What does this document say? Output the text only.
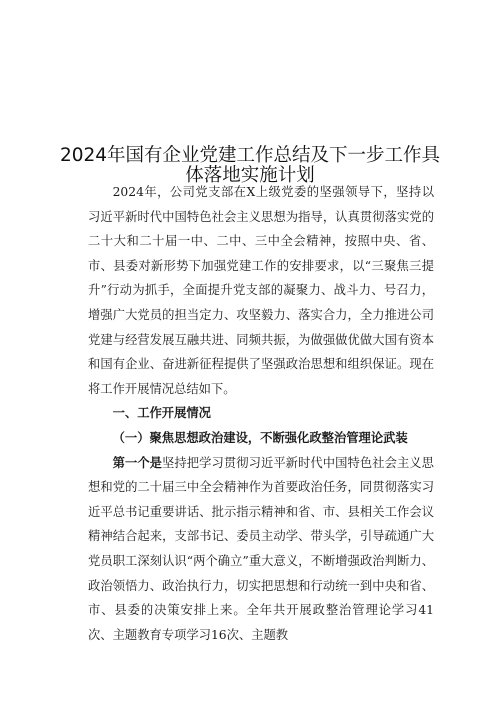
2024年国有企业党建工作总结及下一步工作具
体落地实施计划

2024年，公司党支部在X上级党委的坚强领导下，坚持以习近平新时代中国特色社会主义思想为指导，认真贯彻落实党的二十大和二十届一中、二中、三中全会精神，按照中央、省、市、县委对新形势下加强党建工作的安排要求，以“三聚焦三提升”行动为抓手，全面提升党支部的凝聚力、战斗力、号召力，增强广大党员的担当定力、攻坚毅力、落实合力，全力推进公司党建与经营发展互融共进、同频共振，为做强做优做大国有资本和国有企业、奋进新征程提供了坚强政治思想和组织保证。现在将工作开展情况总结如下。

一、工作开展情况

（一）聚焦思想政治建设，不断强化政整治管理论武装

第一个是坚持把学习贯彻习近平新时代中国特色社会主义思想和党的二十届三中全会精神作为首要政治任务，同贯彻落实习近平总书记重要讲话、批示指示精神和省、市、县相关工作会议精神结合起来，支部书记、委员主动学、带头学，引导疏通广大党员职工深刻认识“两个确立”重大意义，不断增强政治判断力、政治领悟力、政治执行力，切实把思想和行动统一到中央和省、市、县委的决策安排上来。全年共开展政整治管理论学习41次、主题教育专项学习16次、主题教
